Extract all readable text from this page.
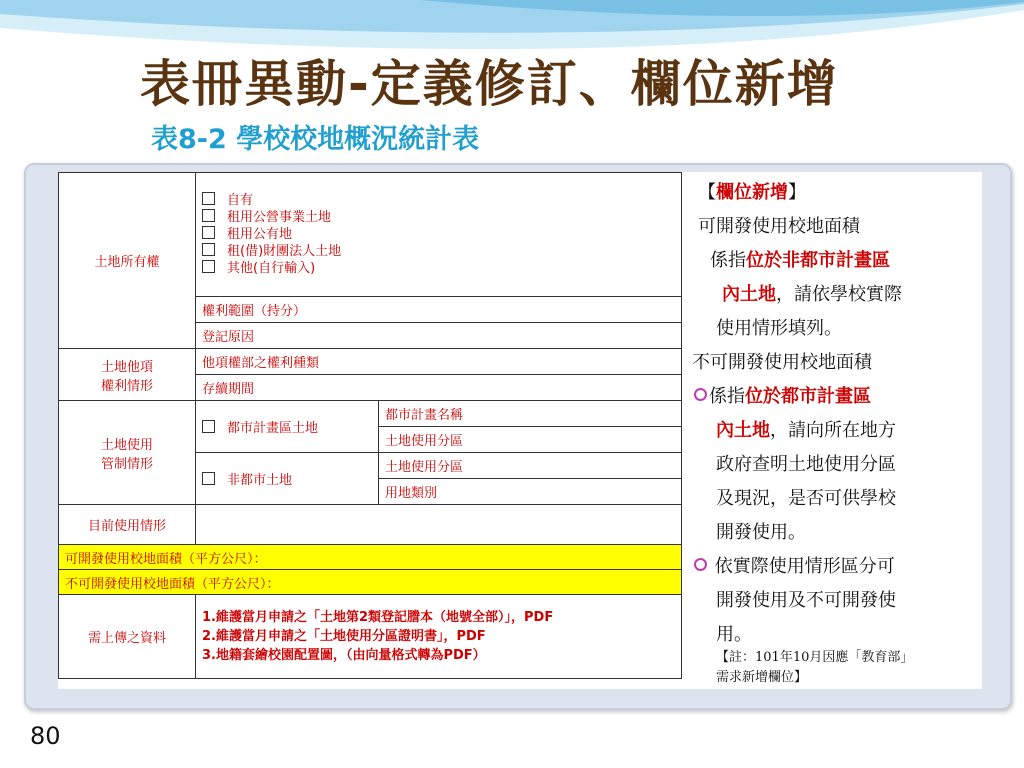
表冊異動-定義修訂、欄位新增
表8-2 學校校地概況統計表
土地所有權	自有
租用公營事業土地
租用公有地
租(借)財團法人土地
其他(自行輸入)	

	權利範圍（持分）	
	登記原因	
土地他項
權利情形	他項權部之權利種類	
	存續期間	
土地使用
管制情形	都市計畫區土地	都市計畫名稱
		土地使用分區
	非都市土地	土地使用分區
		用地類別
目前使用情形		
可開發使用校地面積（平方公尺）：		
不可開發使用校地面積（平方公尺）：		
需上傳之資料	1.維護當月申請之「土地第2類登記謄本（地號全部）」，PDF
2.維護當月申請之「土地使用分區證明書」，PDF
3.地籍套繪校園配置圖，（由向量格式轉為PDF）	
【欄位新增】
可開發使用校地面積
係指位於非都市計畫區
內土地，請依學校實際
使用情形填列。
不可開發使用校地面積
係指位於都市計畫區
內土地，請向所在地方
政府查明土地使用分區
及現況，是否可供學校
開發使用。
依實際使用情形區分可
開發使用及不可開發使
用。
【註：101年10月因應「教育部」
需求新增欄位】
80
